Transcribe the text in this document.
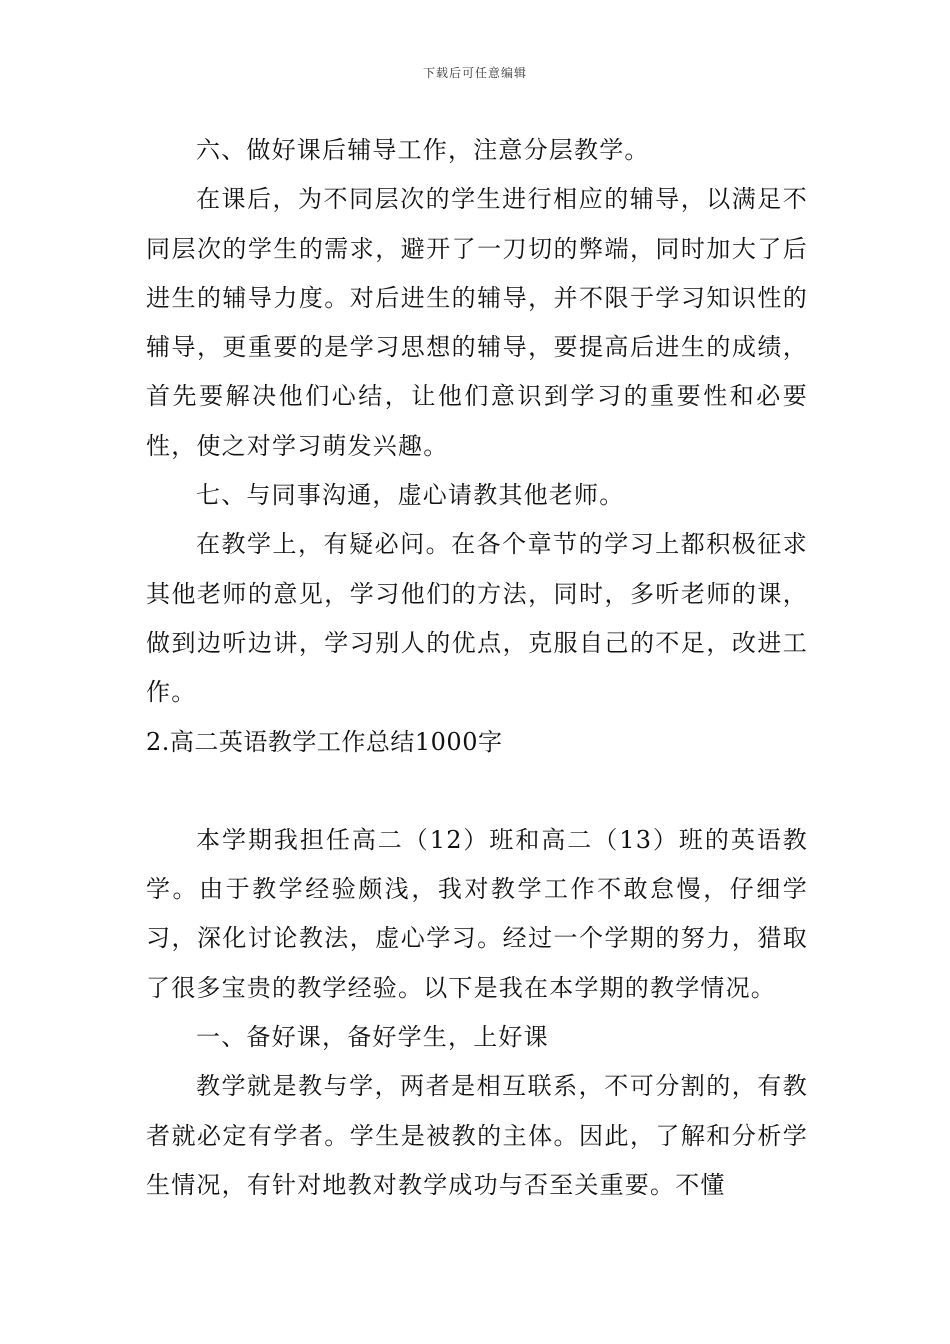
下载后可任意编辑

六、做好课后辅导工作，注意分层教学。

在课后，为不同层次的学生进行相应的辅导，以满足不同层次的学生的需求，避开了一刀切的弊端，同时加大了后进生的辅导力度。对后进生的辅导，并不限于学习知识性的辅导，更重要的是学习思想的辅导，要提高后进生的成绩，首先要解决他们心结，让他们意识到学习的重要性和必要性，使之对学习萌发兴趣。

七、与同事沟通，虚心请教其他老师。

在教学上，有疑必问。在各个章节的学习上都积极征求其他老师的意见，学习他们的方法，同时，多听老师的课，做到边听边讲，学习别人的优点，克服自己的不足，改进工作。

2.高二英语教学工作总结1000字

本学期我担任高二（12）班和高二（13）班的英语教学。由于教学经验颇浅，我对教学工作不敢怠慢，仔细学习，深化讨论教法，虚心学习。经过一个学期的努力，猎取了很多宝贵的教学经验。以下是我在本学期的教学情况。

一、备好课，备好学生，上好课

教学就是教与学，两者是相互联系，不可分割的，有教者就必定有学者。学生是被教的主体。因此，了解和分析学生情况，有针对地教对教学成功与否至关重要。不懂
